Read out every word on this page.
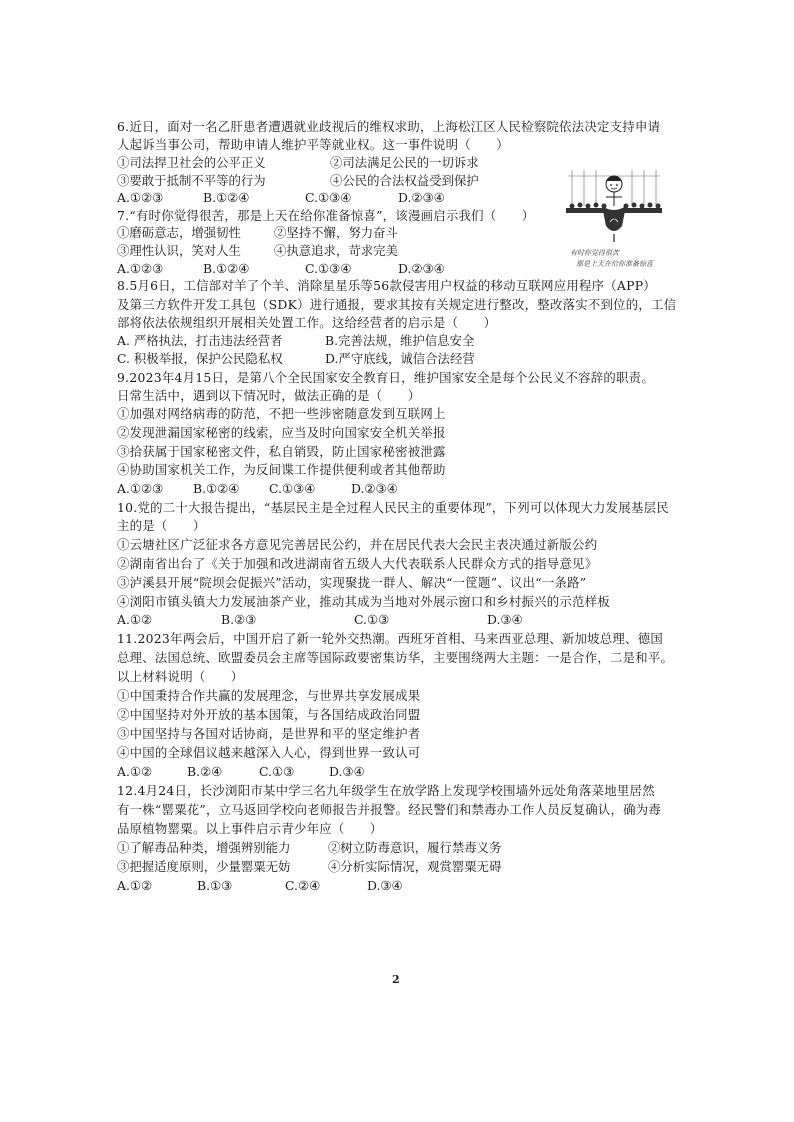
6.近日，面对一名乙肝患者遭遇就业歧视后的维权求助，上海松江区人民检察院依法决定支持申请
人起诉当事公司，帮助申请人维护平等就业权。这一事件说明（　　）
①司法捍卫社会的公平正义	②司法满足公民的一切诉求
③要敢于抵制不平等的行为	④公民的合法权益受到保护
A.①②③	B.①②④	C.①③④	D.②③④
7.“有时你觉得很苦，那是上天在给你准备惊喜”，该漫画启示我们（　　）
①磨砺意志，增强韧性	②坚持不懈，努力奋斗
③理性认识，笑对人生	④执意追求，苛求完美
A.①②③	B.①②④	C.①③④	D.②③④
有时你觉得很苦
那是上天在给你准备惊喜
8.5月6日，工信部对羊了个羊、消除星星乐等56款侵害用户权益的移动互联网应用程序（APP）
及第三方软件开发工具包（SDK）进行通报，要求其按有关规定进行整改，整改落实不到位的，工信
部将依法依规组织开展相关处置工作。这给经营者的启示是（　　）
A. 严格执法，打击违法经营者	B.完善法规，维护信息安全
C. 积极举报，保护公民隐私权	D.严守底线，诚信合法经营
9.2023年4月15日，是第八个全民国家安全教育日，维护国家安全是每个公民义不容辞的职责。
日常生活中，遇到以下情况时，做法正确的是（　　）
①加强对网络病毒的防范，不把一些涉密随意发到互联网上
②发现泄漏国家秘密的线索，应当及时向国家安全机关举报
③拾获属于国家秘密文件，私自销毁，防止国家秘密被泄露
④协助国家机关工作，为反间谍工作提供便利或者其他帮助
A.①②③ B.①②④ C.①③④	D.②③④
10.党的二十大报告提出，“基层民主是全过程人民民主的重要体现”，下列可以体现大力发展基层民
主的是（　　）
①云塘社区广泛征求各方意见完善居民公约，并在居民代表大会民主表决通过新版公约
②湖南省出台了《关于加强和改进湖南省五级人大代表联系人民群众方式的指导意见》
③泸溪县开展“院坝会促振兴”活动，实现聚拢一群人、解决“一筐题”、议出“一条路”
④浏阳市镇头镇大力发展油茶产业，推动其成为当地对外展示窗口和乡村振兴的示范样板
A.①②	B.②③	C.①③	D.③④
11.2023年两会后，中国开启了新一轮外交热潮。西班牙首相、马来西亚总理、新加坡总理、德国
总理、法国总统、欧盟委员会主席等国际政要密集访华，主要围绕两大主题：一是合作，二是和平。
以上材料说明（　　）
①中国秉持合作共赢的发展理念，与世界共享发展成果
②中国坚持对外开放的基本国策，与各国结成政治同盟
③中国坚持与各国对话协商，是世界和平的坚定维护者
④中国的全球倡议越来越深入人心，得到世界一致认可
A.①②	B.②④	C.①③	D.③④
12.4月24日，长沙浏阳市某中学三名九年级学生在放学路上发现学校围墙外远处角落菜地里居然
有一株“罂粟花”，立马返回学校向老师报告并报警。经民警们和禁毒办工作人员反复确认，确为毒
品原植物罂粟。以上事件启示青少年应（　　）
①了解毒品种类，增强辨别能力	②树立防毒意识，履行禁毒义务
③把握适度原则，少量罂粟无妨	④分析实际情况，观赏罂粟无碍
A.①②	B.①③	C.②④	D.③④
2
